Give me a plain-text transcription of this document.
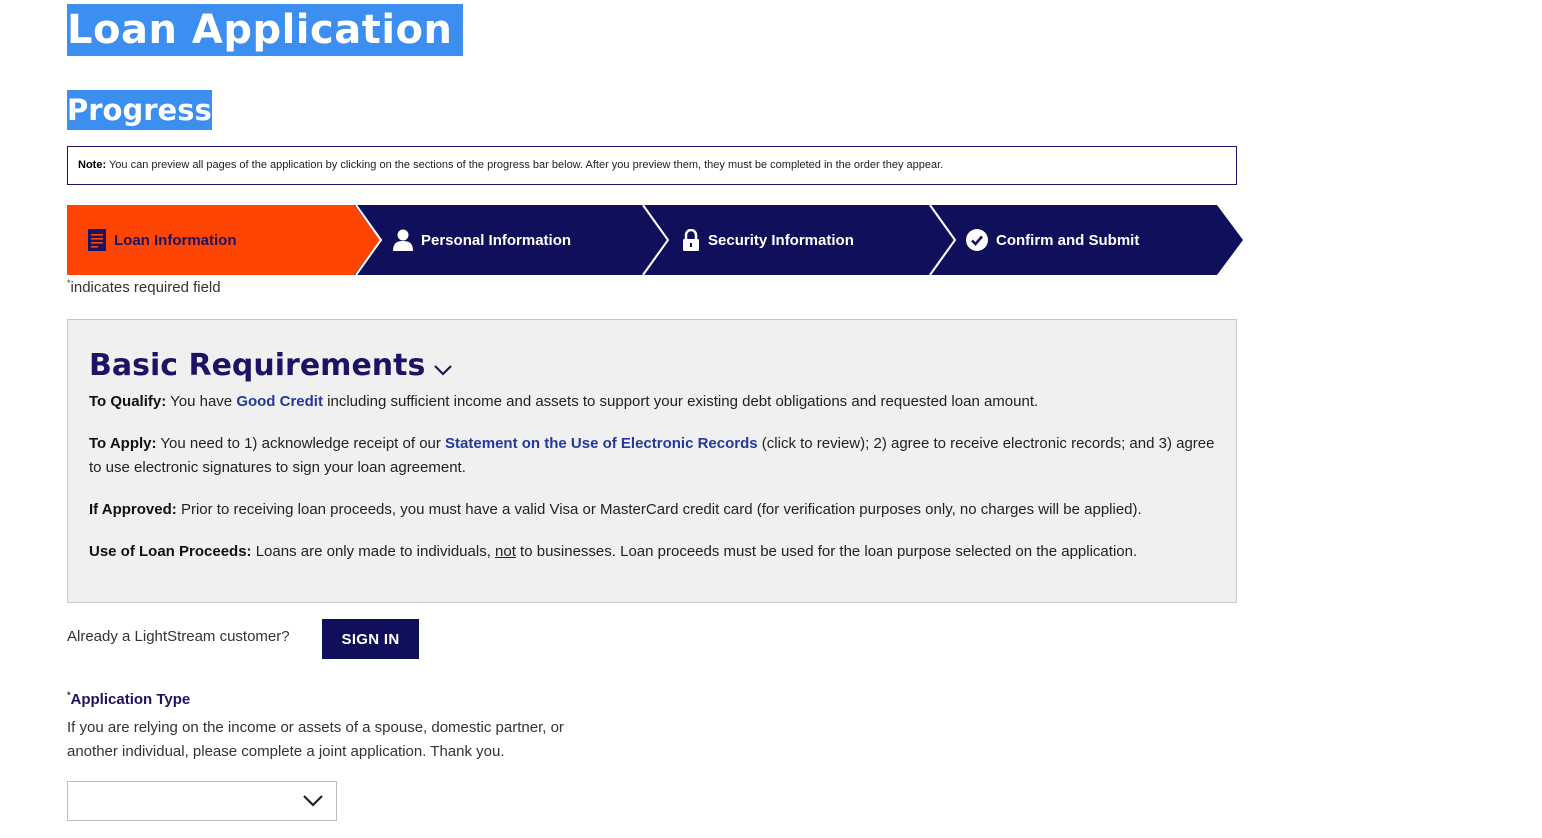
Loan Application
Progress
Note: You can preview all pages of the application by clicking on the sections of the progress bar below. After you preview them, they must be completed in the order they appear.
Loan Information	Personal Information	Security Information	Confirm and Submit
*indicates required field
Basic Requirements
To Qualify: You have Good Credit including sufficient income and assets to support your existing debt obligations and requested loan amount.
To Apply: You need to 1) acknowledge receipt of our Statement on the Use of Electronic Records (click to review); 2) agree to receive electronic records; and 3) agree to use electronic signatures to sign your loan agreement.
If Approved: Prior to receiving loan proceeds, you must have a valid Visa or MasterCard credit card (for verification purposes only, no charges will be applied).
Use of Loan Proceeds: Loans are only made to individuals, not to businesses. Loan proceeds must be used for the loan purpose selected on the application.
Already a LightStream customer?	SIGN IN
*Application Type
If you are relying on the income or assets of a spouse, domestic partner, or another individual, please complete a joint application. Thank you.
